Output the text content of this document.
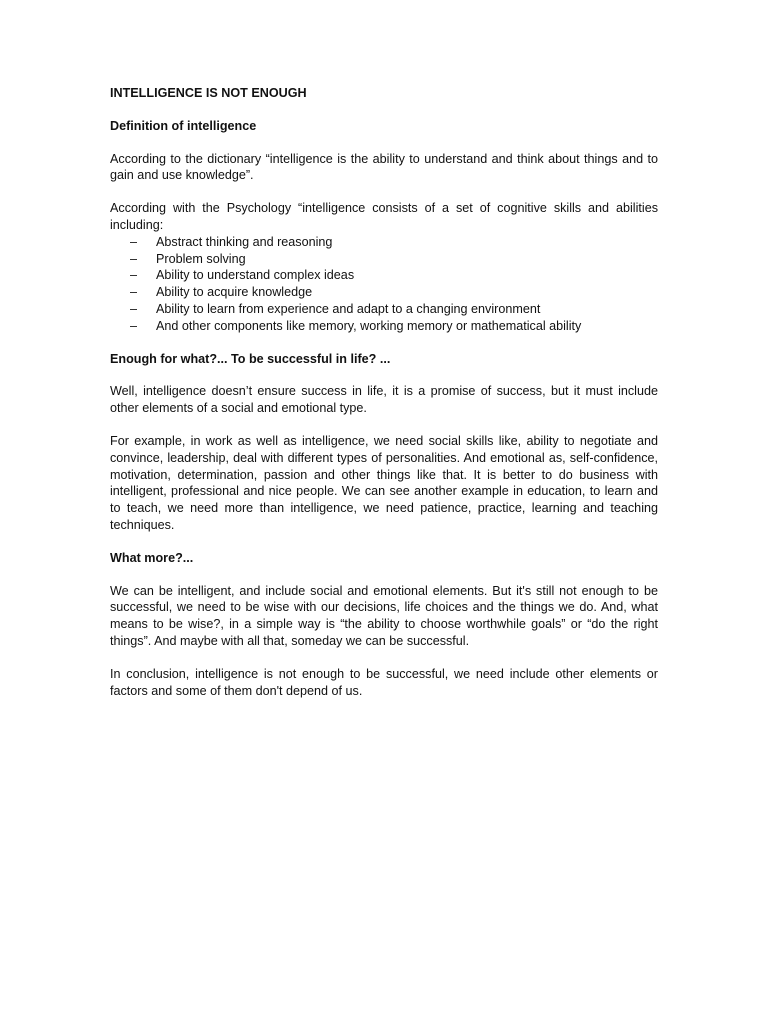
INTELLIGENCE IS NOT ENOUGH

Definition of intelligence

According to the dictionary “intelligence is the ability to understand and think about things and to gain and use knowledge”.

According with the Psychology “intelligence consists of a set of cognitive skills and abilities including:

– Abstract thinking and reasoning
– Problem solving
– Ability to understand complex ideas
– Ability to acquire knowledge
– Ability to learn from experience and adapt to a changing environment
– And other components like memory, working memory or mathematical ability

Enough for what?... To be successful in life? ...

Well, intelligence doesn’t ensure success in life, it is a promise of success, but it must include other elements of a social and emotional type.

For example, in work as well as intelligence, we need social skills like, ability to negotiate and convince, leadership, deal with different types of personalities. And emotional as, self-confidence, motivation, determination, passion and other things like that. It is better to do business with intelligent, professional and nice people. We can see another example in education, to learn and to teach, we need more than intelligence, we need patience, practice, learning and teaching techniques.

What more?...

We can be intelligent, and include social and emotional elements. But it's still not enough to be successful, we need to be wise with our decisions, life choices and the things we do. And, what means to be wise?, in a simple way is “the ability to choose worthwhile goals” or “do the right things”. And maybe with all that, someday we can be successful.

In conclusion, intelligence is not enough to be successful, we need include other elements or factors and some of them don't depend of us.
